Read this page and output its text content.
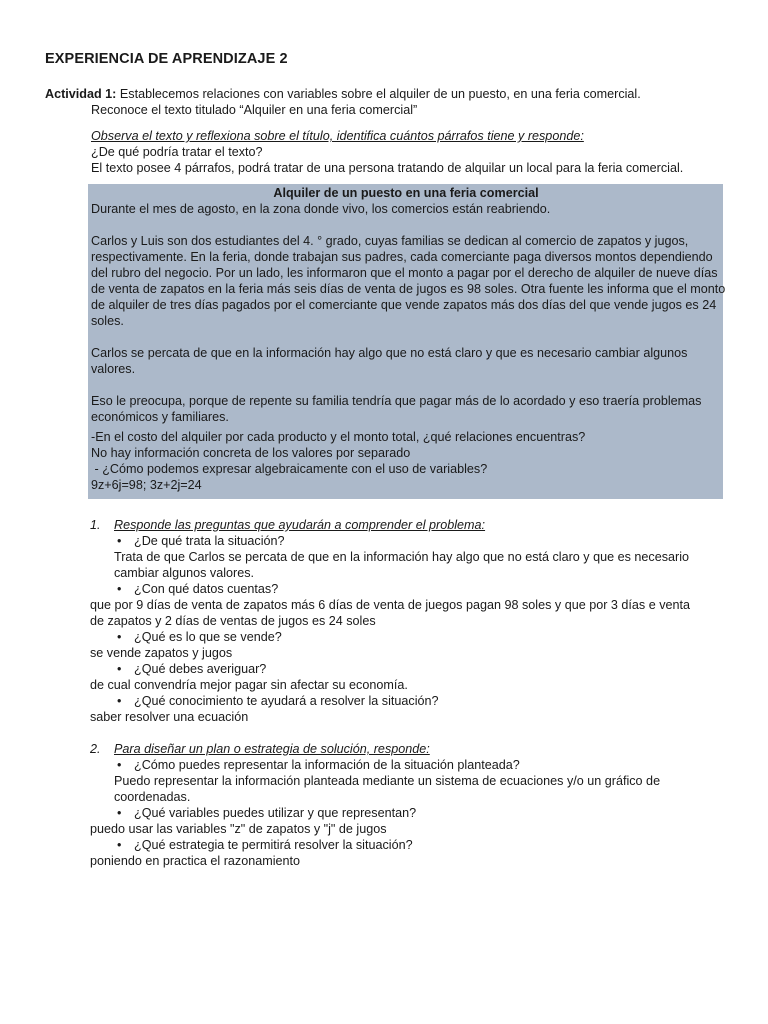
EXPERIENCIA DE APRENDIZAJE 2
Actividad 1: Establecemos relaciones con variables sobre el alquiler de un puesto, en una feria comercial.
Reconoce el texto titulado “Alquiler en una feria comercial”
Observa el texto y reflexiona sobre el título, identifica cuántos párrafos tiene y responde:
¿De qué podría tratar el texto?
El texto posee 4 párrafos, podrá tratar de una persona tratando de alquilar un local para la feria comercial.
Alquiler de un puesto en una feria comercial
Durante el mes de agosto, en la zona donde vivo, los comercios están reabriendo.
Carlos y Luis son dos estudiantes del 4. ° grado, cuyas familias se dedican al comercio de zapatos y jugos,
respectivamente. En la feria, donde trabajan sus padres, cada comerciante paga diversos montos dependiendo
del rubro del negocio. Por un lado, les informaron que el monto a pagar por el derecho de alquiler de nueve días
de venta de zapatos en la feria más seis días de venta de jugos es 98 soles. Otra fuente les informa que el monto
de alquiler de tres días pagados por el comerciante que vende zapatos más dos días del que vende jugos es 24
soles.
Carlos se percata de que en la información hay algo que no está claro y que es necesario cambiar algunos
valores.
Eso le preocupa, porque de repente su familia tendría que pagar más de lo acordado y eso traería problemas
económicos y familiares.
-En el costo del alquiler por cada producto y el monto total, ¿qué relaciones encuentras?
No hay información concreta de los valores por separado
- ¿Cómo podemos expresar algebraicamente con el uso de variables?
9z+6j=98; 3z+2j=24
1. Responde las preguntas que ayudarán a comprender el problema:
• ¿De qué trata la situación?
Trata de que Carlos se percata de que en la información hay algo que no está claro y que es necesario
cambiar algunos valores.
• ¿Con qué datos cuentas?
que por 9 días de venta de zapatos más 6 días de venta de juegos pagan 98 soles y que por 3 días e venta
de zapatos y 2 días de ventas de jugos es 24 soles
• ¿Qué es lo que se vende?
se vende zapatos y jugos
• ¿Qué debes averiguar?
de cual convendría mejor pagar sin afectar su economía.
• ¿Qué conocimiento te ayudará a resolver la situación?
saber resolver una ecuación
2. Para diseñar un plan o estrategia de solución, responde:
• ¿Cómo puedes representar la información de la situación planteada?
Puedo representar la información planteada mediante un sistema de ecuaciones y/o un gráfico de
coordenadas.
• ¿Qué variables puedes utilizar y que representan?
puedo usar las variables "z" de zapatos y "j" de jugos
• ¿Qué estrategia te permitirá resolver la situación?
poniendo en practica el razonamiento
